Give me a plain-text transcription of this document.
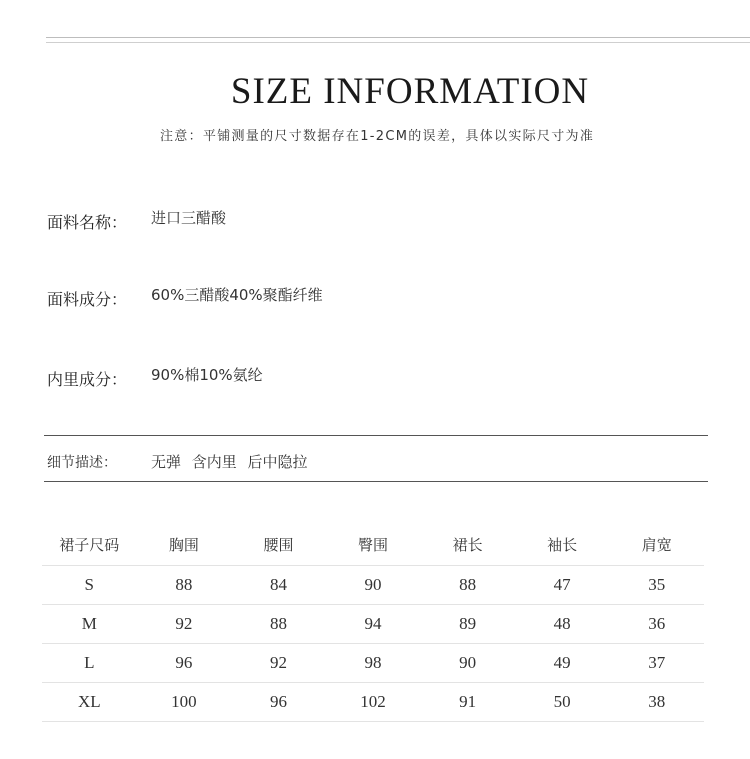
SIZE INFORMATION
注意：平铺测量的尺寸数据存在1-2CM的误差，具体以实际尺寸为准
面料名称： 进口三醋酸
面料成分： 60%三醋酸40%聚酯纤维
内里成分： 90%棉10%氨纶
细节描述： 无弹 含内里 后中隐拉
裙子尺码	胸围	腰围	臀围	裙长	袖长	肩宽
S	88	84	90	88	47	35
M	92	88	94	89	48	36
L	96	92	98	90	49	37
XL	100	96	102	91	50	38
